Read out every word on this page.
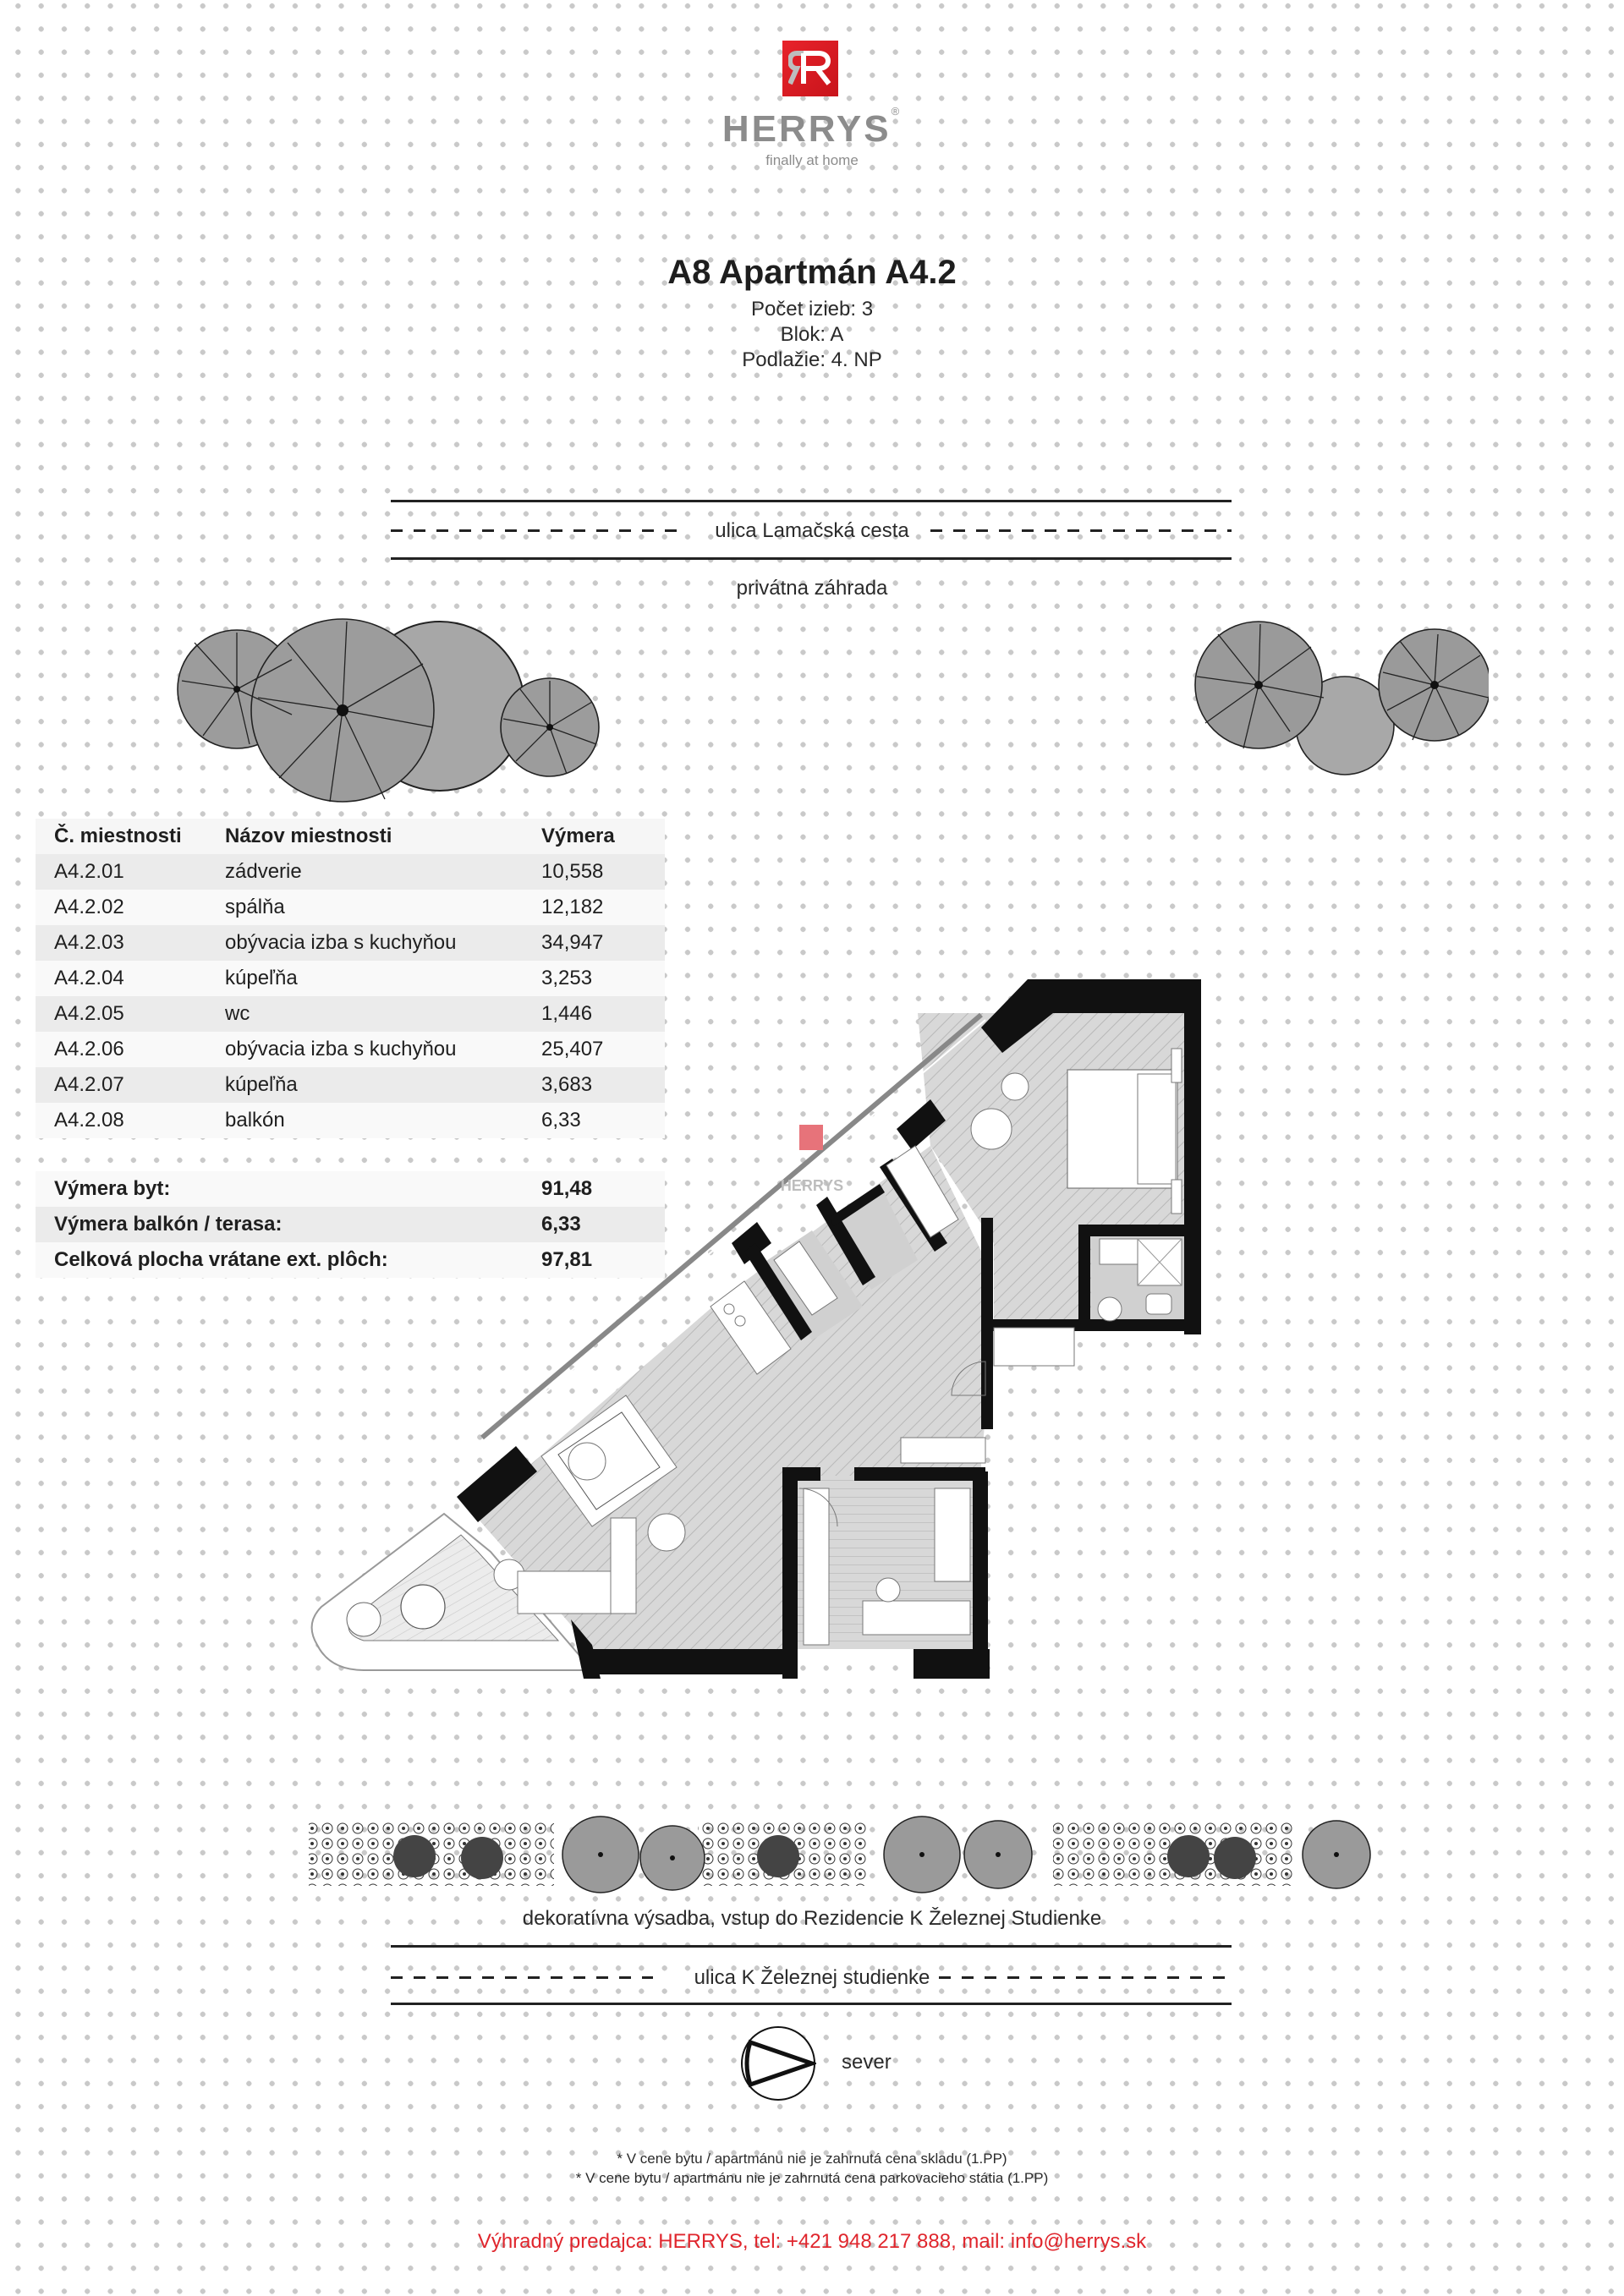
HERRYS®
finally at home
A8 Apartmán A4.2
Počet izieb: 3
Blok: A
Podlažie: 4. NP
ulica Lamačská cesta
privátna záhrada
Č. miestnosti	Názov miestnosti	Výmera
A4.2.01	zádverie	10,558
A4.2.02	spálňa	12,182
A4.2.03	obývacia izba s kuchyňou	34,947
A4.2.04	kúpeľňa	3,253
A4.2.05	wc	1,446
A4.2.06	obývacia izba s kuchyňou	25,407
A4.2.07	kúpeľňa	3,683
A4.2.08	balkón	6,33
Výmera byt:	91,48
Výmera balkón / terasa:	6,33
Celková plocha vrátane ext. plôch:	97,81
HERRYS
dekoratívna výsadba, vstup do Rezidencie K Železnej Studienke
ulica K Železnej studienke
sever
* V cene bytu / apartmánu nie je zahrnutá cena skladu (1.PP)
* V cene bytu / apartmánu nie je zahrnutá cena parkovacieho státia (1.PP)
Výhradný predajca: HERRYS, tel: +421 948 217 888, mail: info@herrys.sk
